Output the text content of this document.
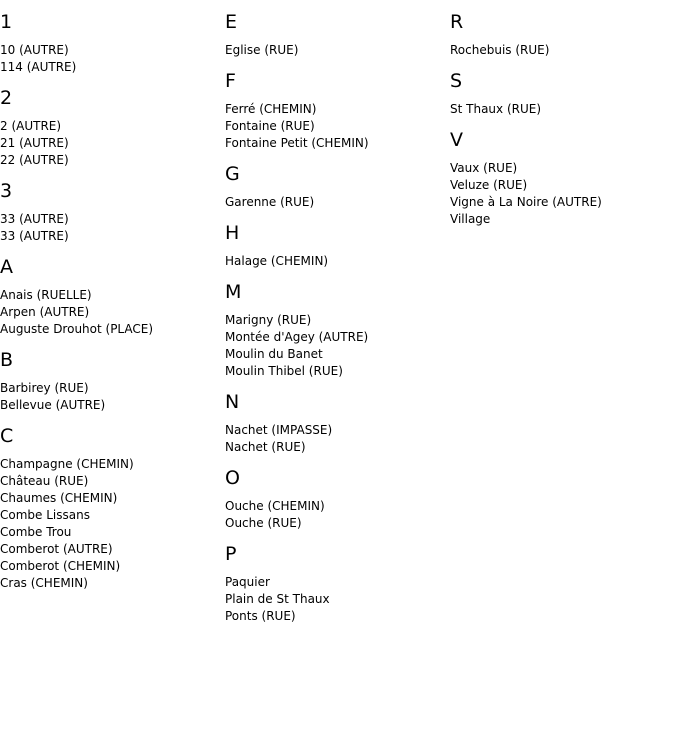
1
10 (AUTRE)
114 (AUTRE)
2
2 (AUTRE)
21 (AUTRE)
22 (AUTRE)
3
33 (AUTRE)
33 (AUTRE)
A
Anais (RUELLE)
Arpen (AUTRE)
Auguste Drouhot (PLACE)
B
Barbirey (RUE)
Bellevue (AUTRE)
C
Champagne (CHEMIN)
Château (RUE)
Chaumes (CHEMIN)
Combe Lissans
Combe Trou
Comberot (AUTRE)
Comberot (CHEMIN)
Cras (CHEMIN)
E
Eglise (RUE)
F
Ferré (CHEMIN)
Fontaine (RUE)
Fontaine Petit (CHEMIN)
G
Garenne (RUE)
H
Halage (CHEMIN)
M
Marigny (RUE)
Montée d'Agey (AUTRE)
Moulin du Banet
Moulin Thibel (RUE)
N
Nachet (IMPASSE)
Nachet (RUE)
O
Ouche (CHEMIN)
Ouche (RUE)
P
Paquier
Plain de St Thaux
Ponts (RUE)
R
Rochebuis (RUE)
S
St Thaux (RUE)
V
Vaux (RUE)
Veluze (RUE)
Vigne à La Noire (AUTRE)
Village
